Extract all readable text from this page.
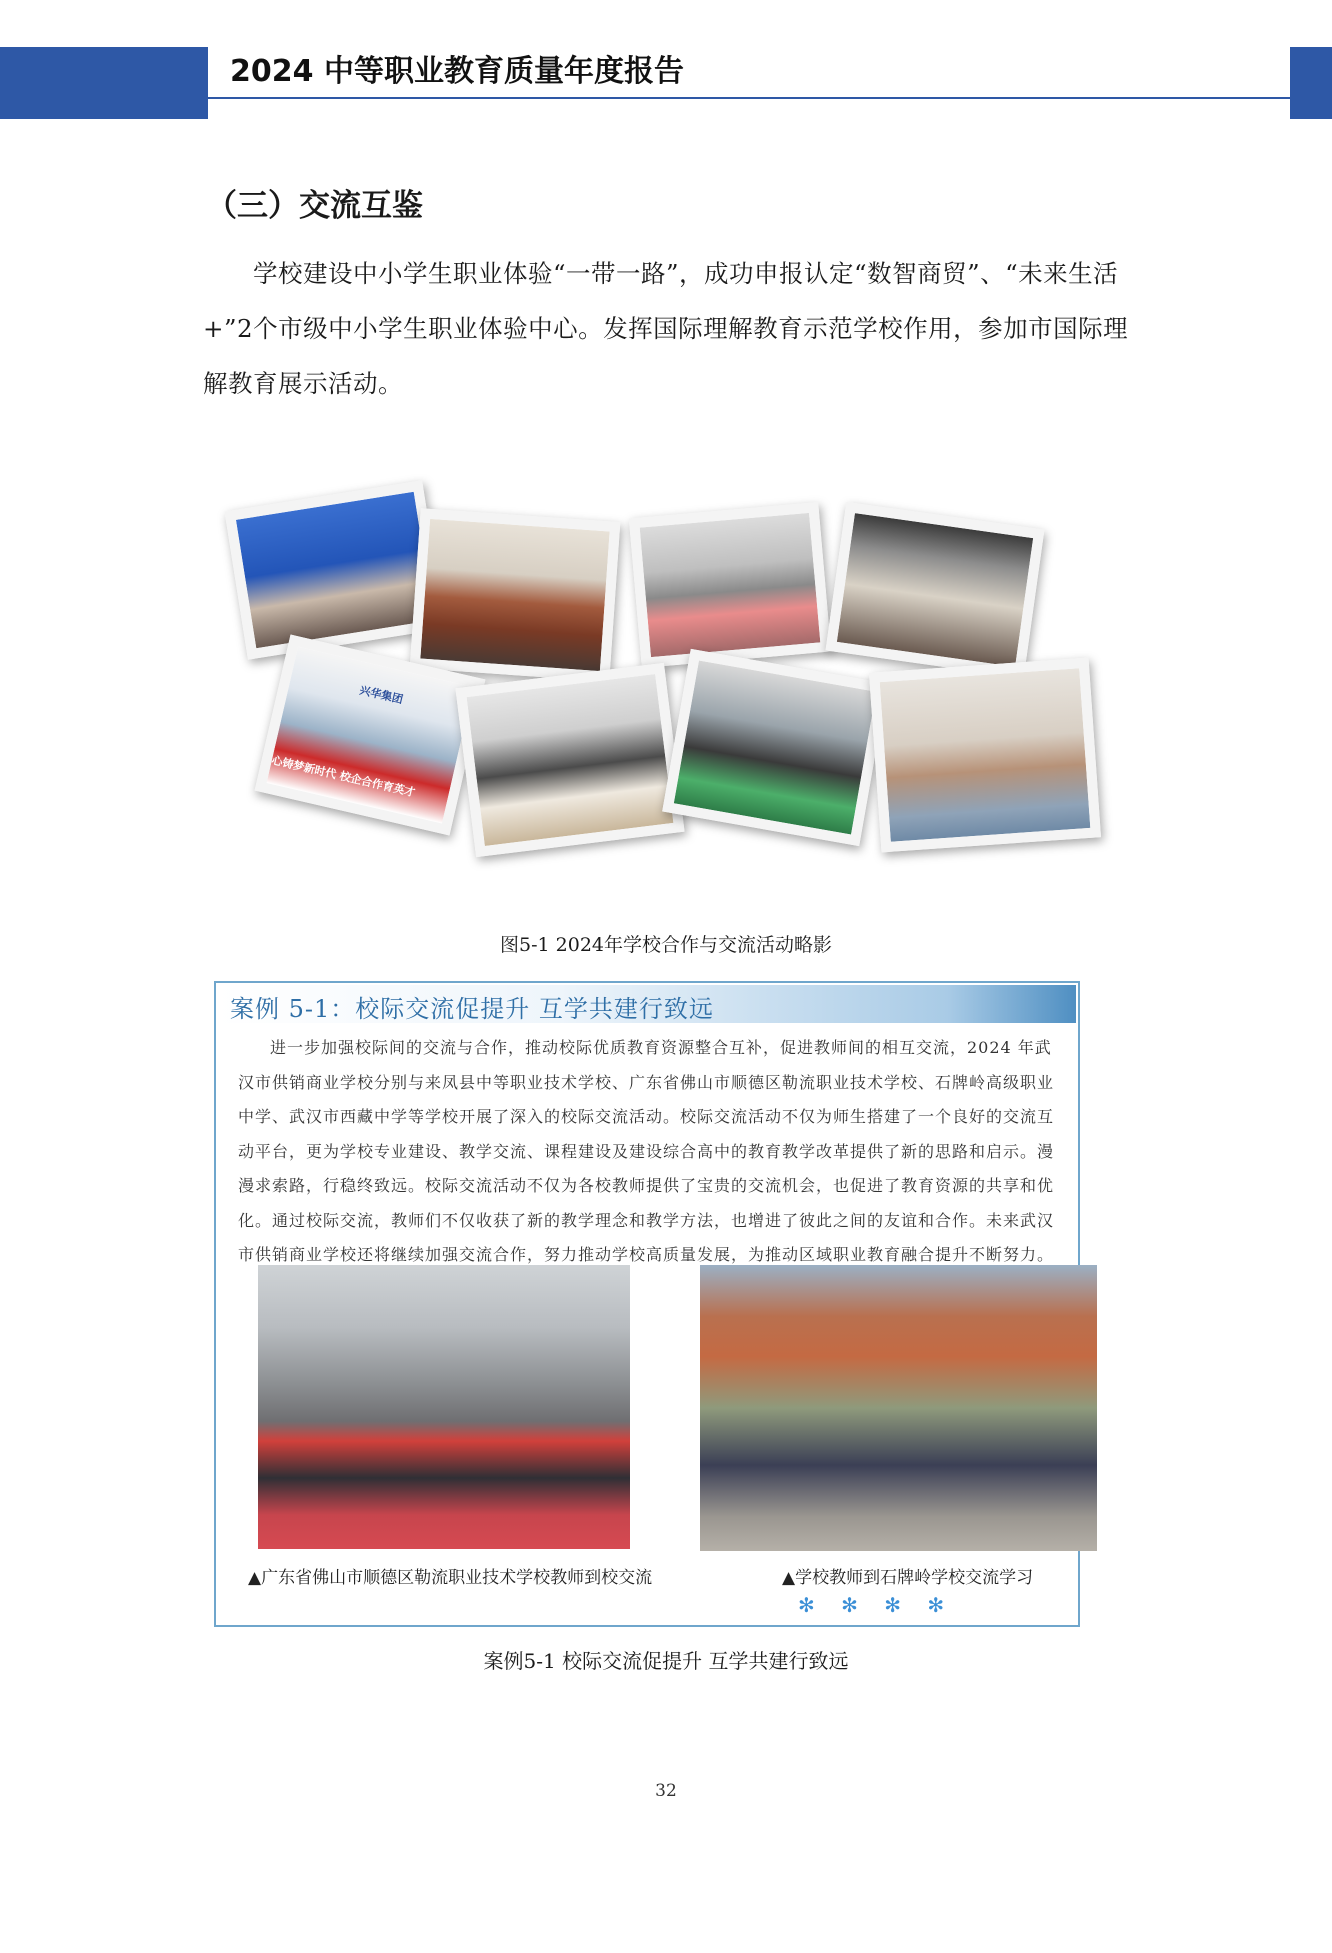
2024 中等职业教育质量年度报告
（三）交流互鉴
学校建设中小学生职业体验“一带一路”，成功申报认定“数智商贸”、“未来生活+”2个市级中小学生职业体验中心。发挥国际理解教育示范学校作用，参加市国际理解教育展示活动。
兴华集团
心铸梦新时代 校企合作育英才
图5-1 2024年学校合作与交流活动略影
案例 5-1：校际交流促提升 互学共建行致远
进一步加强校际间的交流与合作，推动校际优质教育资源整合互补，促进教师间的相互交流，2024 年武汉市供销商业学校分别与来凤县中等职业技术学校、广东省佛山市顺德区勒流职业技术学校、石牌岭高级职业中学、武汉市西藏中学等学校开展了深入的校际交流活动。校际交流活动不仅为师生搭建了一个良好的交流互动平台，更为学校专业建设、教学交流、课程建设及建设综合高中的教育教学改革提供了新的思路和启示。漫漫求索路，行稳终致远。校际交流活动不仅为各校教师提供了宝贵的交流机会，也促进了教育资源的共享和优化。通过校际交流，教师们不仅收获了新的教学理念和教学方法，也增进了彼此之间的友谊和合作。未来武汉市供销商业学校还将继续加强交流合作，努力推动学校高质量发展，为推动区域职业教育融合提升不断努力。
▲广东省佛山市顺德区勒流职业技术学校教师到校交流	▲学校教师到石牌岭学校交流学习
✻ ✻ ✻ ✻
案例5-1 校际交流促提升 互学共建行致远
32
